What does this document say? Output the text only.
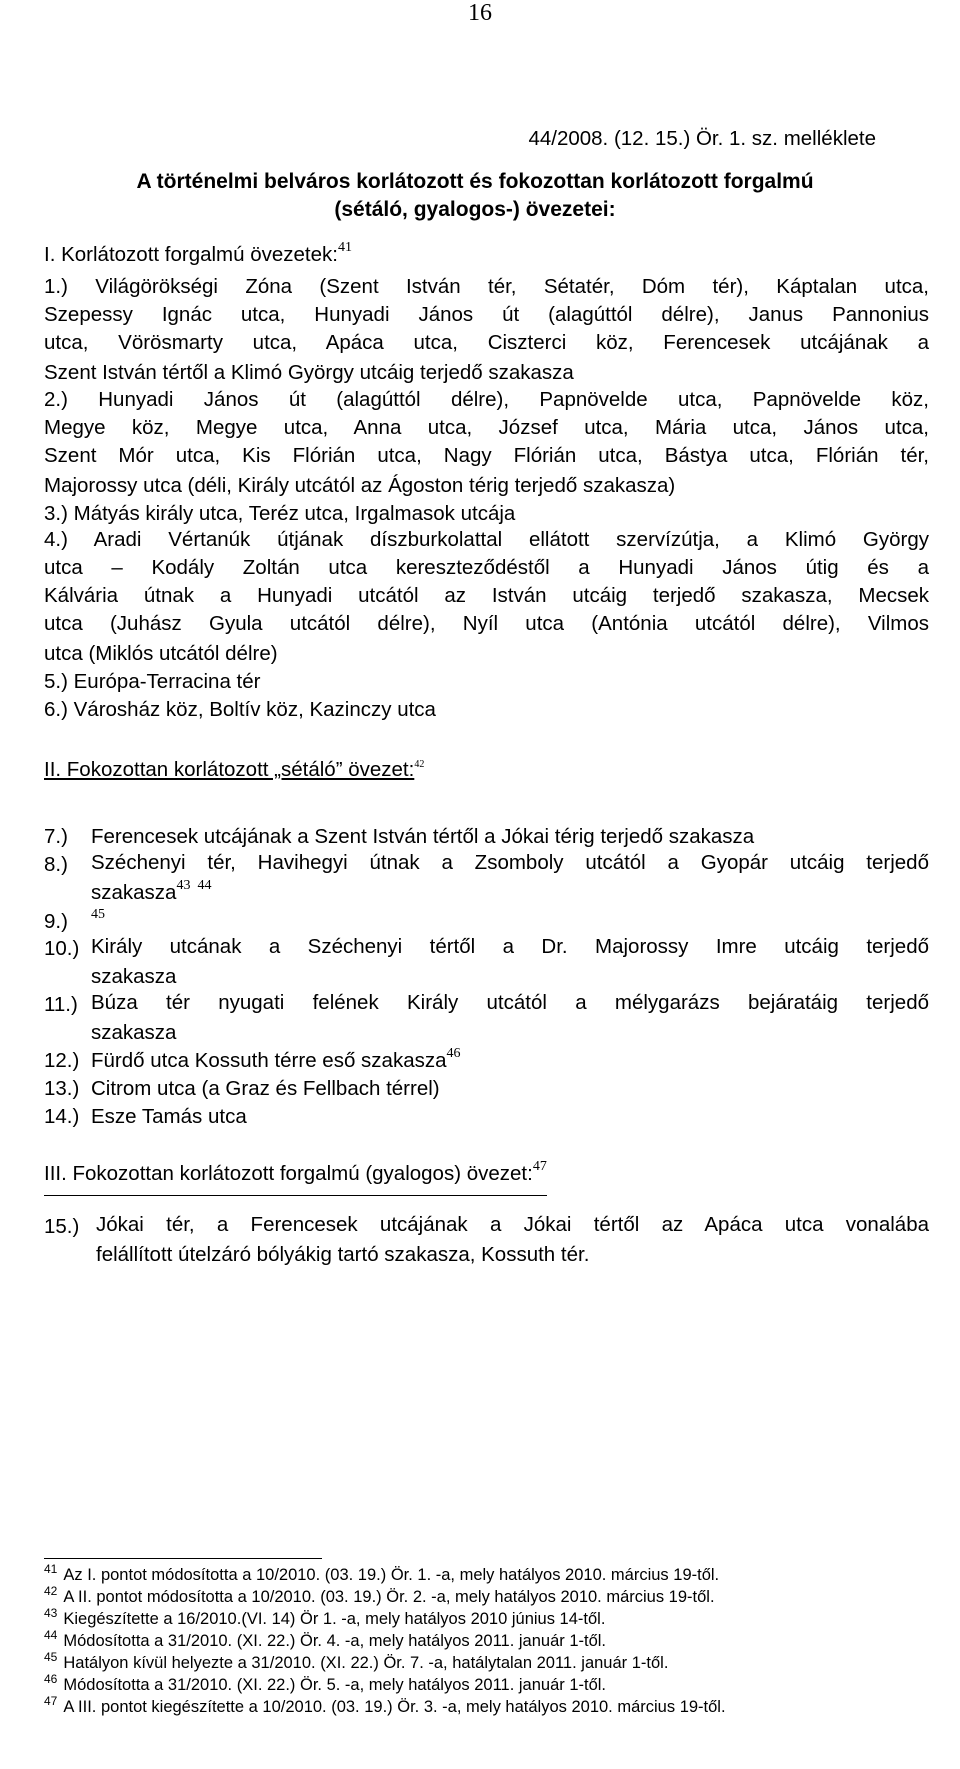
16
44/2008. (12. 15.) Ör. 1. sz. melléklete
A történelmi belváros korlátozott és fokozottan korlátozott forgalmú
(sétáló, gyalogos-) övezetei:
I. Korlátozott forgalmú övezetek:$^{41}$
1.) Világörökségi Zóna (Szent István tér, Sétatér, Dóm tér), Káptalan utca,
Szepessy Ignác utca, Hunyadi János út (alagúttól délre), Janus Pannonius
utca, Vörösmarty utca, Apáca utca, Ciszterci köz, Ferencesek utcájának a
Szent István tértől a Klimó György utcáig terjedő szakasza
2.) Hunyadi János út (alagúttól délre), Papnövelde utca, Papnövelde köz,
Megye köz, Megye utca, Anna utca, József utca, Mária utca, János utca,
Szent Mór utca, Kis Flórián utca, Nagy Flórián utca, Bástya utca, Flórián tér,
Majorossy utca (déli, Király utcától az Ágoston térig terjedő szakasza)
3.) Mátyás király utca, Teréz utca, Irgalmasok utcája
4.) Aradi Vértanúk útjának díszburkolattal ellátott szervízútja, a Klimó György
utca – Kodály Zoltán utca kereszteződéstől a Hunyadi János útig és a
Kálvária útnak a Hunyadi utcától az István utcáig terjedő szakasza, Mecsek
utca (Juhász Gyula utcától délre), Nyíl utca (Antónia utcától délre), Vilmos
utca (Miklós utcától délre)
5.) Európa-Terracina tér
6.) Városház köz, Boltív köz, Kazinczy utca
II. Fokozottan korlátozott „sétáló” övezet:$^{42}$
7.) Ferencesek utcájának a Szent István tértől a Jókai térig terjedő szakasza
8.) Széchenyi tér, Havihegyi útnak a Zsomboly utcától a Gyopár utcáig terjedő
szakasza$^{43 44}$
9.) $^{45}$
10.) Király utcának a Széchenyi tértől a Dr. Majorossy Imre utcáig terjedő
szakasza
11.) Búza tér nyugati felének Király utcától a mélygarázs bejáratáig terjedő
szakasza
12.) Fürdő utca Kossuth térre eső szakasza$^{46}$
13.) Citrom utca (a Graz és Fellbach térrel)
14.) Esze Tamás utca
III. Fokozottan korlátozott forgalmú (gyalogos) övezet:$^{47}$
15.) Jókai tér, a Ferencesek utcájának a Jókai tértől az Apáca utca vonalába
felállított útelzáró bólyákig tartó szakasza, Kossuth tér.
$^{41}$ Az I. pontot módosította a 10/2010. (03. 19.) Ör. 1. -a, mely hatályos 2010. március 19-től.
$^{42}$ A II. pontot módosította a 10/2010. (03. 19.) Ör. 2. -a, mely hatályos 2010. március 19-től.
$^{43}$ Kiegészítette a 16/2010.(VI. 14) Ör 1. -a, mely hatályos 2010 június 14-től.
$^{44}$ Módosította a 31/2010. (XI. 22.) Ör. 4. -a, mely hatályos 2011. január 1-től.
$^{45}$ Hatályon kívül helyezte a 31/2010. (XI. 22.) Ör. 7. -a, hatálytalan 2011. január 1-től.
$^{46}$ Módosította a 31/2010. (XI. 22.) Ör. 5. -a, mely hatályos 2011. január 1-től.
$^{47}$ A III. pontot kiegészítette a 10/2010. (03. 19.) Ör. 3. -a, mely hatályos 2010. március 19-től.
